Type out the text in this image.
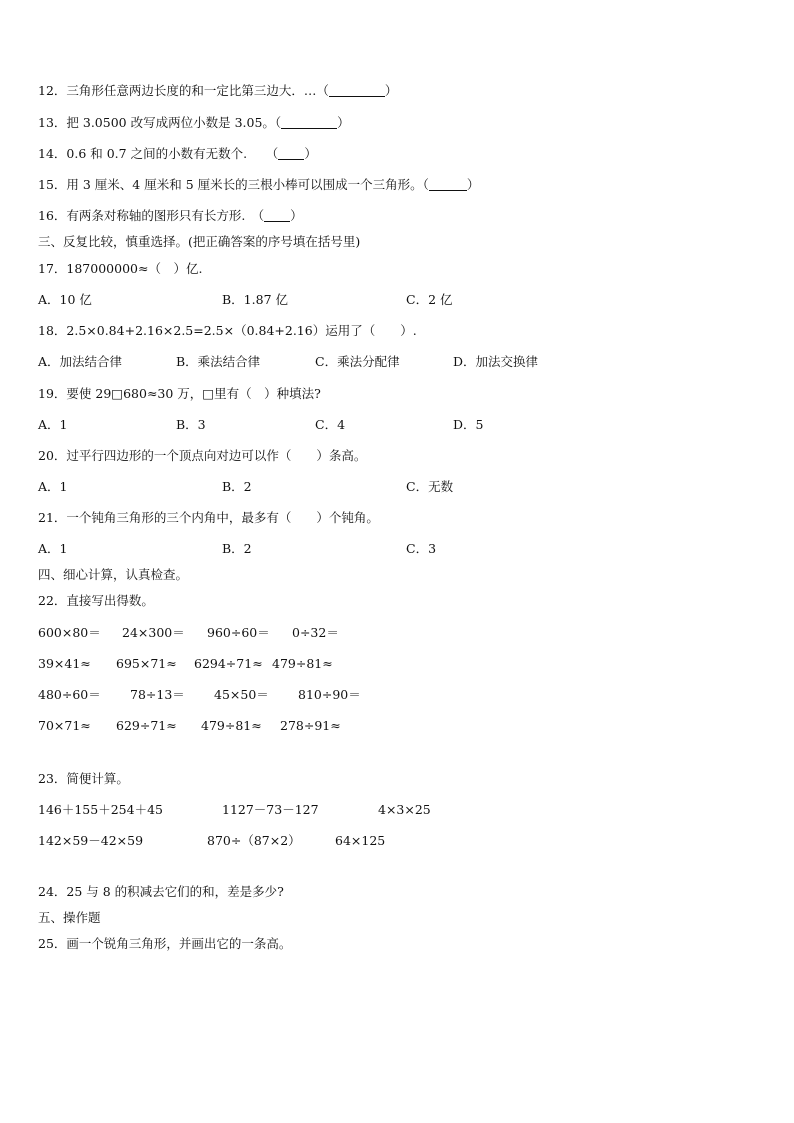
12．三角形任意两边长度的和一定比第三边大．…（	）
13．把 3.0500 改写成两位小数是 3.05。（	）
14．0.6 和 0.7 之间的小数有无数个.　　（ ）
15．用 3 厘米、4 厘米和 5 厘米长的三根小棒可以围成一个三角形。（	）
16．有两条对称轴的图形只有长方形.　（ ）
三、反复比较，慎重选择。(把正确答案的序号填在括号里)
17．187000000≈（　）亿.
A．10 亿	B．1.87 亿	C．2 亿
18．2.5×0.84+2.16×2.5=2.5×（0.84+2.16）运用了（　　）.
A．加法结合律	B．乘法结合律	C．乘法分配律	D．加法交换律
19．要使 29□680≈30 万，□里有（　）种填法?
A．1	B．3	C．4	D．5
20．过平行四边形的一个顶点向对边可以作（　　）条高。
A．1	B．2	C．无数
21．一个钝角三角形的三个内角中，最多有（　　）个钝角。
A．1	B．2	C．3
四、细心计算，认真检查。
22．直接写出得数。
600×80＝ 24×300＝ 960÷60＝ 0÷32＝
39×41≈ 695×71≈ 6294÷71≈ 479÷81≈
480÷60＝ 78÷13＝ 45×50＝ 810÷90＝
70×71≈ 629÷71≈ 479÷81≈ 278÷91≈
23．简便计算。
146＋155＋254＋45	1127－73－127	4×3×25
142×59－42×59	870÷（87×2）	64×125
24．25 与 8 的积减去它们的和，差是多少?
五、操作题
25．画一个锐角三角形，并画出它的一条高。
